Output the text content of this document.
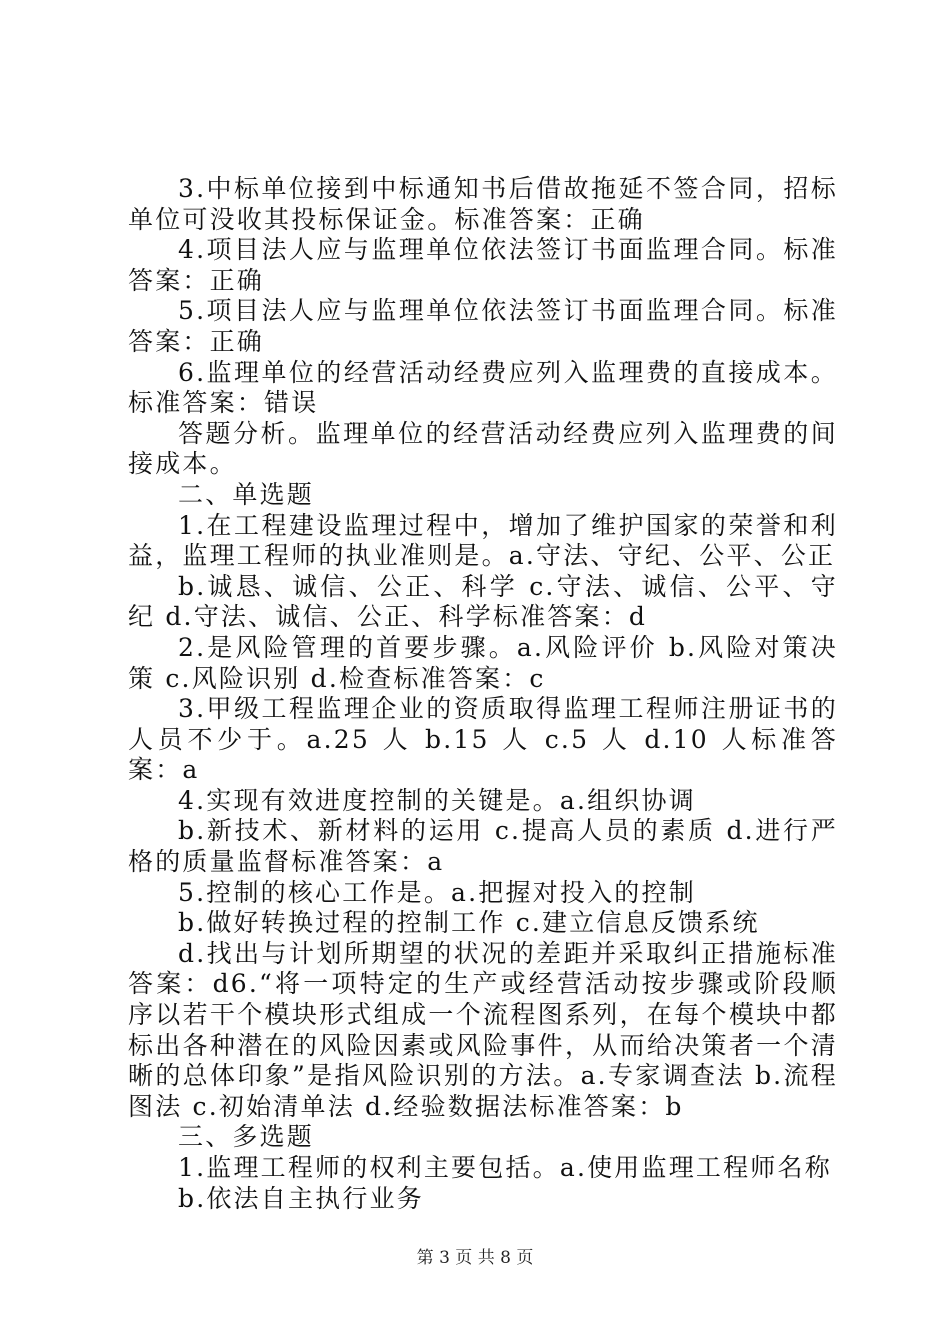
3.中标单位接到中标通知书后借故拖延不签合同，招标单位可没收其投标保证金。标准答案：正确

4.项目法人应与监理单位依法签订书面监理合同。标准答案：正确

5.项目法人应与监理单位依法签订书面监理合同。标准答案：正确

6.监理单位的经营活动经费应列入监理费的直接成本。标准答案：错误

答题分析。监理单位的经营活动经费应列入监理费的间接成本。

二、单选题

1.在工程建设监理过程中，增加了维护国家的荣誉和利益，监理工程师的执业准则是。a.守法、守纪、公平、公正

b.诚恳、诚信、公正、科学 c.守法、诚信、公平、守纪 d.守法、诚信、公正、科学标准答案：d

2.是风险管理的首要步骤。a.风险评价 b.风险对策决策 c.风险识别 d.检查标准答案：c

3.甲级工程监理企业的资质取得监理工程师注册证书的人员不少于。a.25 人 b.15 人 c.5 人 d.10 人标准答案：a

4.实现有效进度控制的关键是。a.组织协调

b.新技术、新材料的运用 c.提高人员的素质 d.进行严格的质量监督标准答案：a

5.控制的核心工作是。a.把握对投入的控制

b.做好转换过程的控制工作 c.建立信息反馈系统

d.找出与计划所期望的状况的差距并采取纠正措施标准答案：d6.“将一项特定的生产或经营活动按步骤或阶段顺序以若干个模块形式组成一个流程图系列，在每个模块中都标出各种潜在的风险因素或风险事件，从而给决策者一个清晰的总体印象”是指风险识别的方法。a.专家调查法 b.流程图法 c.初始清单法 d.经验数据法标准答案：b

三、多选题

1.监理工程师的权利主要包括。a.使用监理工程师名称

b.依法自主执行业务

第 3 页 共 8 页
